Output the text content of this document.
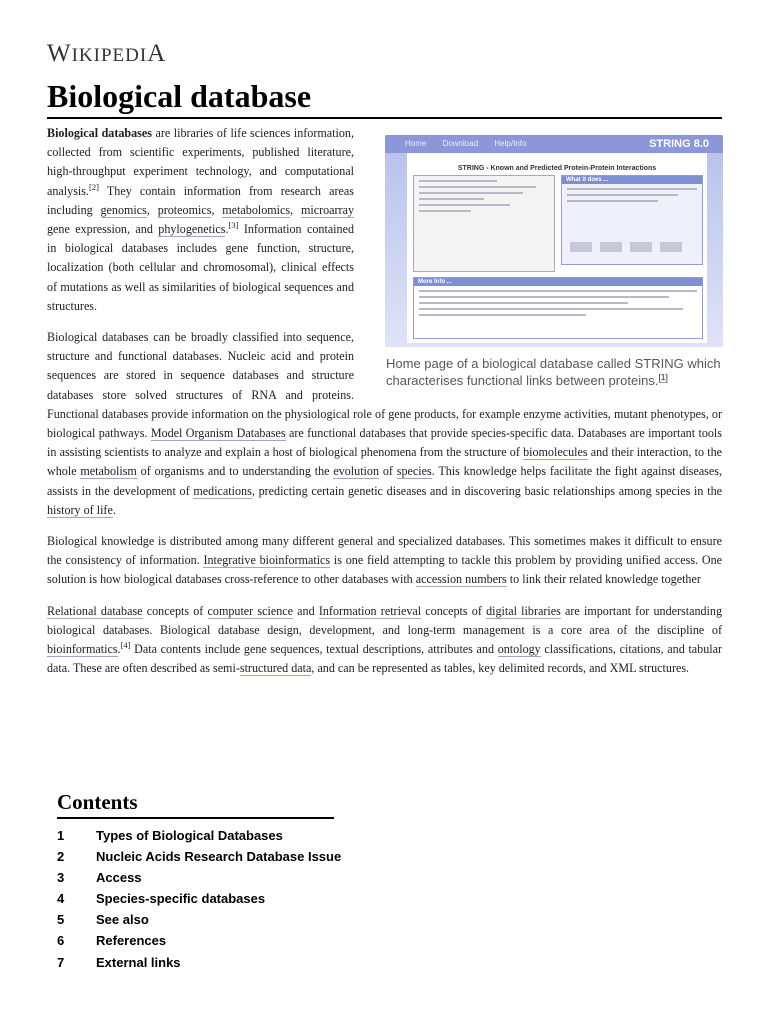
WIKIPEDIA
Biological database
Home Download Help/Info	STRING 8.0
STRING - Known and Predicted Protein-Protein Interactions
What it does ...
More Info ...
Home page of a biological database called STRING which characterises functional links between proteins.[1]

Biological databases are libraries of life sciences information, collected from scientific experiments, published literature, high-throughput experiment technology, and computational analysis.[2] They contain information from research areas including genomics, proteomics, metabolomics, microarray gene expression, and phylogenetics.[3] Information contained in biological databases includes gene function, structure, localization (both cellular and chromosomal), clinical effects of mutations as well as similarities of biological sequences and structures.

Biological databases can be broadly classified into sequence, structure and functional databases. Nucleic acid and protein sequences are stored in sequence databases and structure databases store solved structures of RNA and proteins. Functional databases provide information on the physiological role of gene products, for example enzyme activities, mutant phenotypes, or biological pathways. Model Organism Databases are functional databases that provide species-specific data. Databases are important tools in assisting scientists to analyze and explain a host of biological phenomena from the structure of biomolecules and their interaction, to the whole metabolism of organisms and to understanding the evolution of species. This knowledge helps facilitate the fight against diseases, assists in the development of medications, predicting certain genetic diseases and in discovering basic relationships among species in the history of life.

Biological knowledge is distributed among many different general and specialized databases. This sometimes makes it difficult to ensure the consistency of information. Integrative bioinformatics is one field attempting to tackle this problem by providing unified access. One solution is how biological databases cross-reference to other databases with accession numbers to link their related knowledge together

Relational database concepts of computer science and Information retrieval concepts of digital libraries are important for understanding biological databases. Biological database design, development, and long-term management is a core area of the discipline of bioinformatics.[4] Data contents include gene sequences, textual descriptions, attributes and ontology classifications, citations, and tabular data. These are often described as semi-structured data, and can be represented as tables, key delimited records, and XML structures.

Contents
1	Types of Biological Databases
2	Nucleic Acids Research Database Issue
3	Access
4	Species-specific databases
5	See also
6	References
7	External links
